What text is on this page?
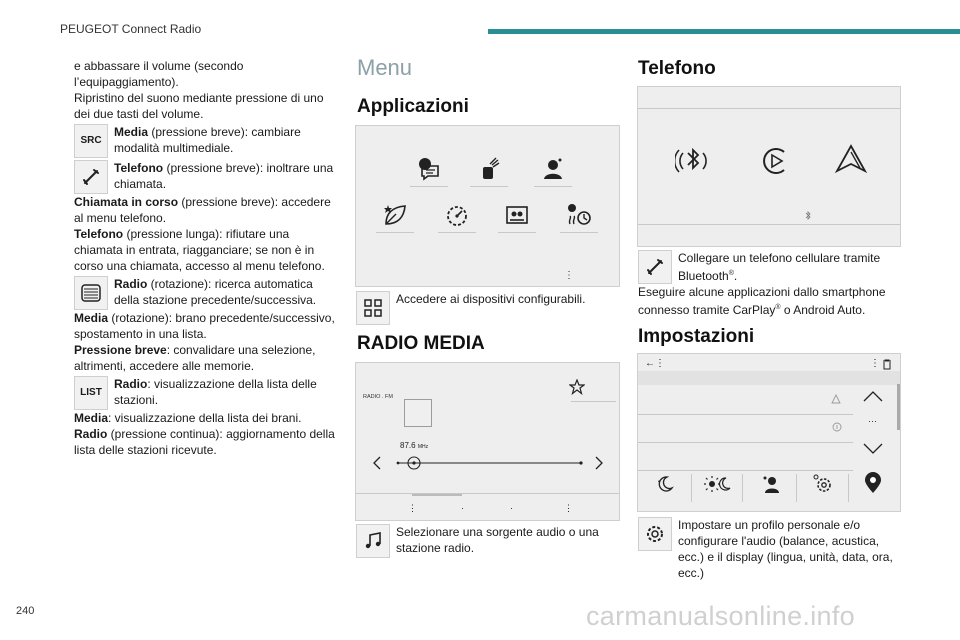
PEUGEOT Connect Radio

e abbassare il volume (secondo l’equipaggiamento).

Ripristino del suono mediante pressione di uno dei due tasti del volume.

SRC
Media (pressione breve): cambiare modalità multimediale.
Telefono (pressione breve): inoltrare una chiamata.

Chiamata in corso (pressione breve): accedere al menu telefono.

Telefono (pressione lunga): rifiutare una chiamata in entrata, riagganciare; se non è in corso una chiamata, accesso al menu telefono.

Radio (rotazione): ricerca automatica della stazione precedente/successiva.

Media (rotazione): brano precedente/successivo, spostamento in una lista.

Pressione breve: convalidare una selezione, altrimenti, accedere alle memorie.

LIST
Radio: visualizzazione della lista delle stazioni.

Media: visualizzazione della lista dei brani.

Radio (pressione continua): aggiornamento della lista delle stazioni ricevute.

Menu
Applicazioni
⋮
Accedere ai dispositivi configurabili.
RADIO MEDIA
RADIO . FM
87.6 MHz
⋮	·	·	⋮
Selezionare una sorgente audio o una stazione radio.
Telefono
Collegare un telefono cellulare tramite Bluetooth®.
Eseguire alcune applicazioni dallo smartphone connesso tramite CarPlay® o Android Auto.
Impostazioni
←⋮	⋮
···
Impostare un profilo personale e/o configurare l'audio (balance, acustica, ecc.) e il display (lingua, unità, data, ora, ecc.)
240	carmanualsonline.info
